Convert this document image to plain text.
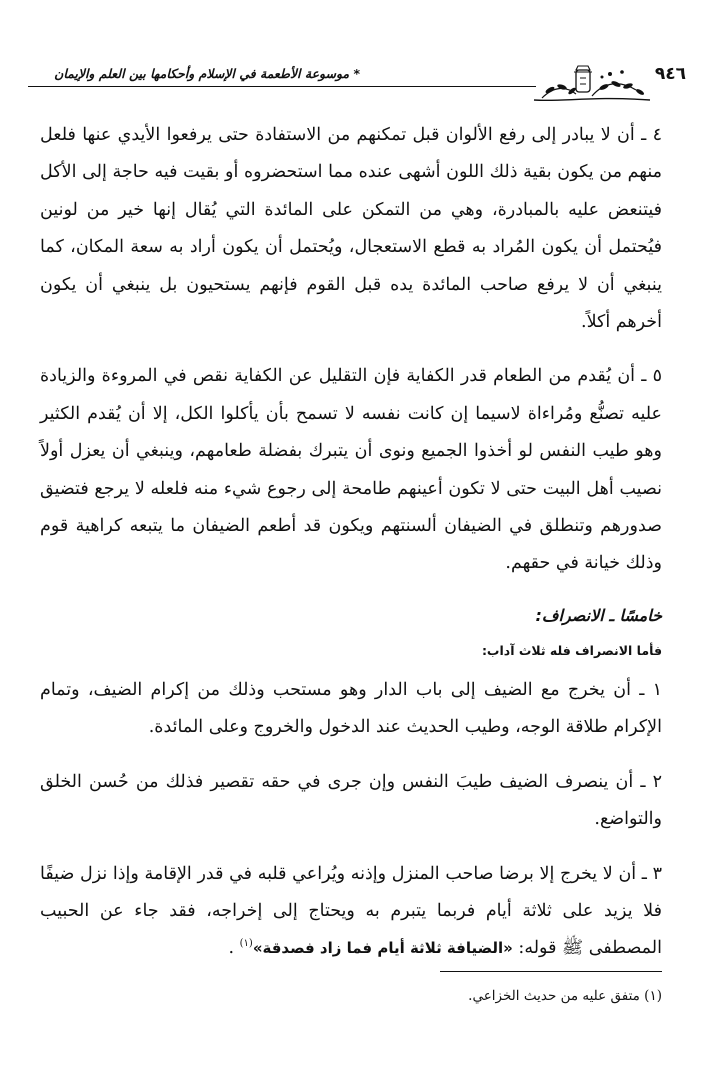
* موسوعة الأطعمة في الإسلام وأحكامها بين العلم والإيمان	٩٤٦

٤ ـ أن لا يبادر إلى رفع الألوان قبل تمكنهم من الاستفادة حتى يرفعوا الأيدي عنها فلعل منهم من يكون بقية ذلك اللون أشهى عنده مما استحضروه أو بقيت فيه حاجة إلى الأكل فيتنعض عليه بالمبادرة، وهي من التمكن على المائدة التي يُقال إنها خير من لونين فيُحتمل أن يكون المُراد به قطع الاستعجال، ويُحتمل أن يكون أراد به سعة المكان، كما ينبغي أن لا يرفع صاحب المائدة يده قبل القوم فإنهم يستحيون بل ينبغي أن يكون أخرهم أكلاً.

٥ ـ أن يُقدم من الطعام قدر الكفاية فإن التقليل عن الكفاية نقص في المروءة والزيادة عليه تصنُّع ومُراءاة لاسيما إن كانت نفسه لا تسمح بأن يأكلوا الكل، إلا أن يُقدم الكثير وهو طيب النفس لو أخذوا الجميع ونوى أن يتبرك بفضلة طعامهم، وينبغي أن يعزل أولاً نصيب أهل البيت حتى لا تكون أعينهم طامحة إلى رجوع شيء منه فلعله لا يرجع فتضيق صدورهم وتنطلق في الضيفان ألسنتهم ويكون قد أطعم الضيفان ما يتبعه كراهية قوم وذلك خيانة في حقهم.

خامسًا ـ الانصراف:
فأما الانصراف فله ثلاث آداب:

١ ـ أن يخرج مع الضيف إلى باب الدار وهو مستحب وذلك من إكرام الضيف، وتمام الإكرام طلاقة الوجه، وطيب الحديث عند الدخول والخروج وعلى المائدة.

٢ ـ أن ينصرف الضيف طيبَ النفس وإن جرى في حقه تقصير فذلك من حُسن الخلق والتواضع.

٣ ـ أن لا يخرج إلا برضا صاحب المنزل وإذنه ويُراعي قلبه في قدر الإقامة وإذا نزل ضيفًا فلا يزيد على ثلاثة أيام فربما يتبرم به ويحتاج إلى إخراجه، فقد جاء عن الحبيب المصطفى ﷺ قوله: «الضيافة ثلاثة أيام فما زاد فصدقة»$^{(١)}$ .

(١) متفق عليه من حديث الخزاعي.
